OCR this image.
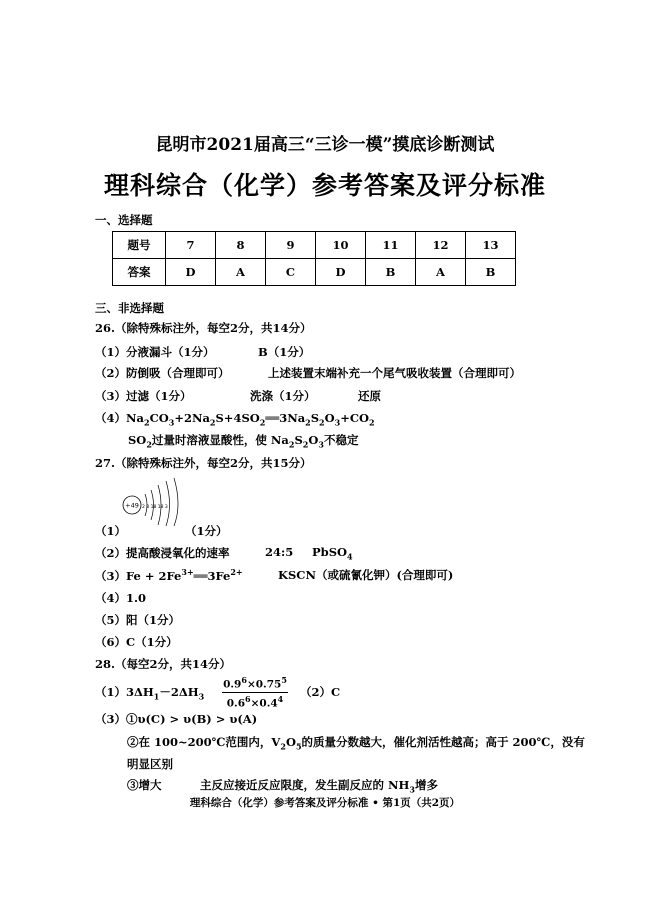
昆明市2021届高三“三诊一模”摸底诊断测试
理科综合（化学）参考答案及评分标准
一、选择题
题号	7	8	9	10	11	12	13
答案	D	A	C	D	B	A	B
三、非选择题
26.（除特殊标注外，每空2分，共14分）
（1）分液漏斗（1分）	B（1分）
（2）防倒吸（合理即可）	上述装置末端补充一个尾气吸收装置（合理即可）
（3）过滤（1分）	洗涤（1分）	还原
$(4)Na_2CO_3+2Na_2S+4SO_2══3Na_2S_2O_3+CO_2$
$SO_2$过量时溶液显酸性，使 $Na_2S_2O_3$不稳定
27.（除特殊标注外，每空2分，共15分）
+49 2 8 18 18 3
（1）	（1分）
（2）提高酸浸氧化的速率	24:5 PbSO$_4$
$(3)Fe + 2Fe^{3+}══3Fe^{2+}$	KSCN（或硫氰化钾）(合理即可)
（4）1.0
（5）阳（1分）
（6）C（1分）
28.（每空2分，共14分）
$(1)3\Delta H_1-2\Delta H_3 \frac{0.9^6\times 0.75^5}{0.6^6\times 0.4^4} (2)C$
（3）①υ(C) > υ(B) > υ(A)
②在 100~200℃范围内，$V_2O_5$的质量分数越大，催化剂活性越高；高于 200℃，没有
明显区别
③增大	主反应接近反应限度，发生副反应的 $NH_3$增多
理科综合（化学）参考答案及评分标准 • 第1页（共2页）
